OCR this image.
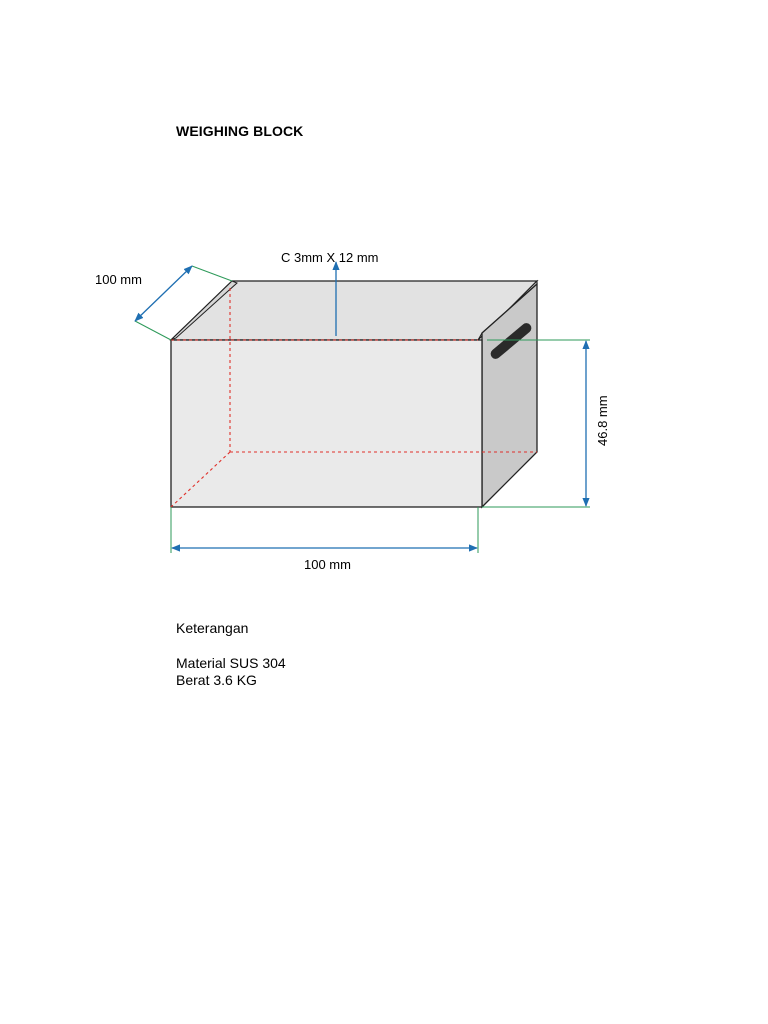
WEIGHING BLOCK
100 mm
C 3mm X 12 mm
46.8 mm
100 mm
Keterangan
Material SUS 304
Berat 3.6 KG
